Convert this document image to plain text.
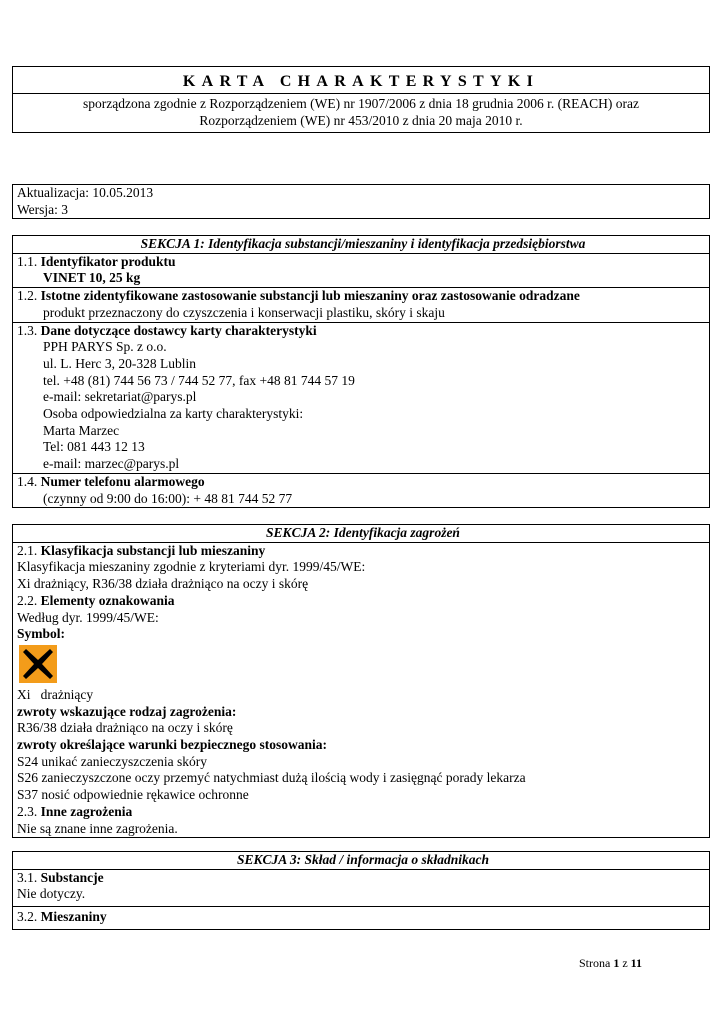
KARTA CHARAKTERYSTYKI
sporządzona zgodnie z Rozporządzeniem (WE) nr 1907/2006 z dnia 18 grudnia 2006 r. (REACH) oraz
Rozporządzeniem (WE) nr 453/2010 z dnia 20 maja 2010 r.
Aktualizacja: 10.05.2013
Wersja: 3
SEKCJA 1: Identyfikacja substancji/mieszaniny i identyfikacja przedsiębiorstwa
1.1. Identyfikator produktu
VINET 10, 25 kg
1.2. Istotne zidentyfikowane zastosowanie substancji lub mieszaniny oraz zastosowanie odradzane
produkt przeznaczony do czyszczenia i konserwacji plastiku, skóry i skaju
1.3. Dane dotyczące dostawcy karty charakterystyki
PPH PARYS Sp. z o.o.
ul. L. Herc 3, 20-328 Lublin
tel. +48 (81) 744 56 73 / 744 52 77, fax +48 81 744 57 19
e-mail: sekretariat@parys.pl
Osoba odpowiedzialna za karty charakterystyki:
Marta Marzec
Tel: 081 443 12 13
e-mail: marzec@parys.pl
1.4. Numer telefonu alarmowego
(czynny od 9:00 do 16:00): + 48 81 744 52 77
SEKCJA 2: Identyfikacja zagrożeń
2.1. Klasyfikacja substancji lub mieszaniny
Klasyfikacja mieszaniny zgodnie z kryteriami dyr. 1999/45/WE:
Xi drażniący, R36/38 działa drażniąco na oczy i skórę
2.2. Elementy oznakowania
Według dyr. 1999/45/WE:
Symbol:
Xi   drażniący
zwroty wskazujące rodzaj zagrożenia:
R36/38 działa drażniąco na oczy i skórę
zwroty określające warunki bezpiecznego stosowania:
S24 unikać zanieczyszczenia skóry
S26 zanieczyszczone oczy przemyć natychmiast dużą ilością wody i zasięgnąć porady lekarza
S37 nosić odpowiednie rękawice ochronne
2.3. Inne zagrożenia
Nie są znane inne zagrożenia.
SEKCJA 3: Skład / informacja o składnikach
3.1. Substancje
Nie dotyczy.
3.2. Mieszaniny
Strona 1 z 11
